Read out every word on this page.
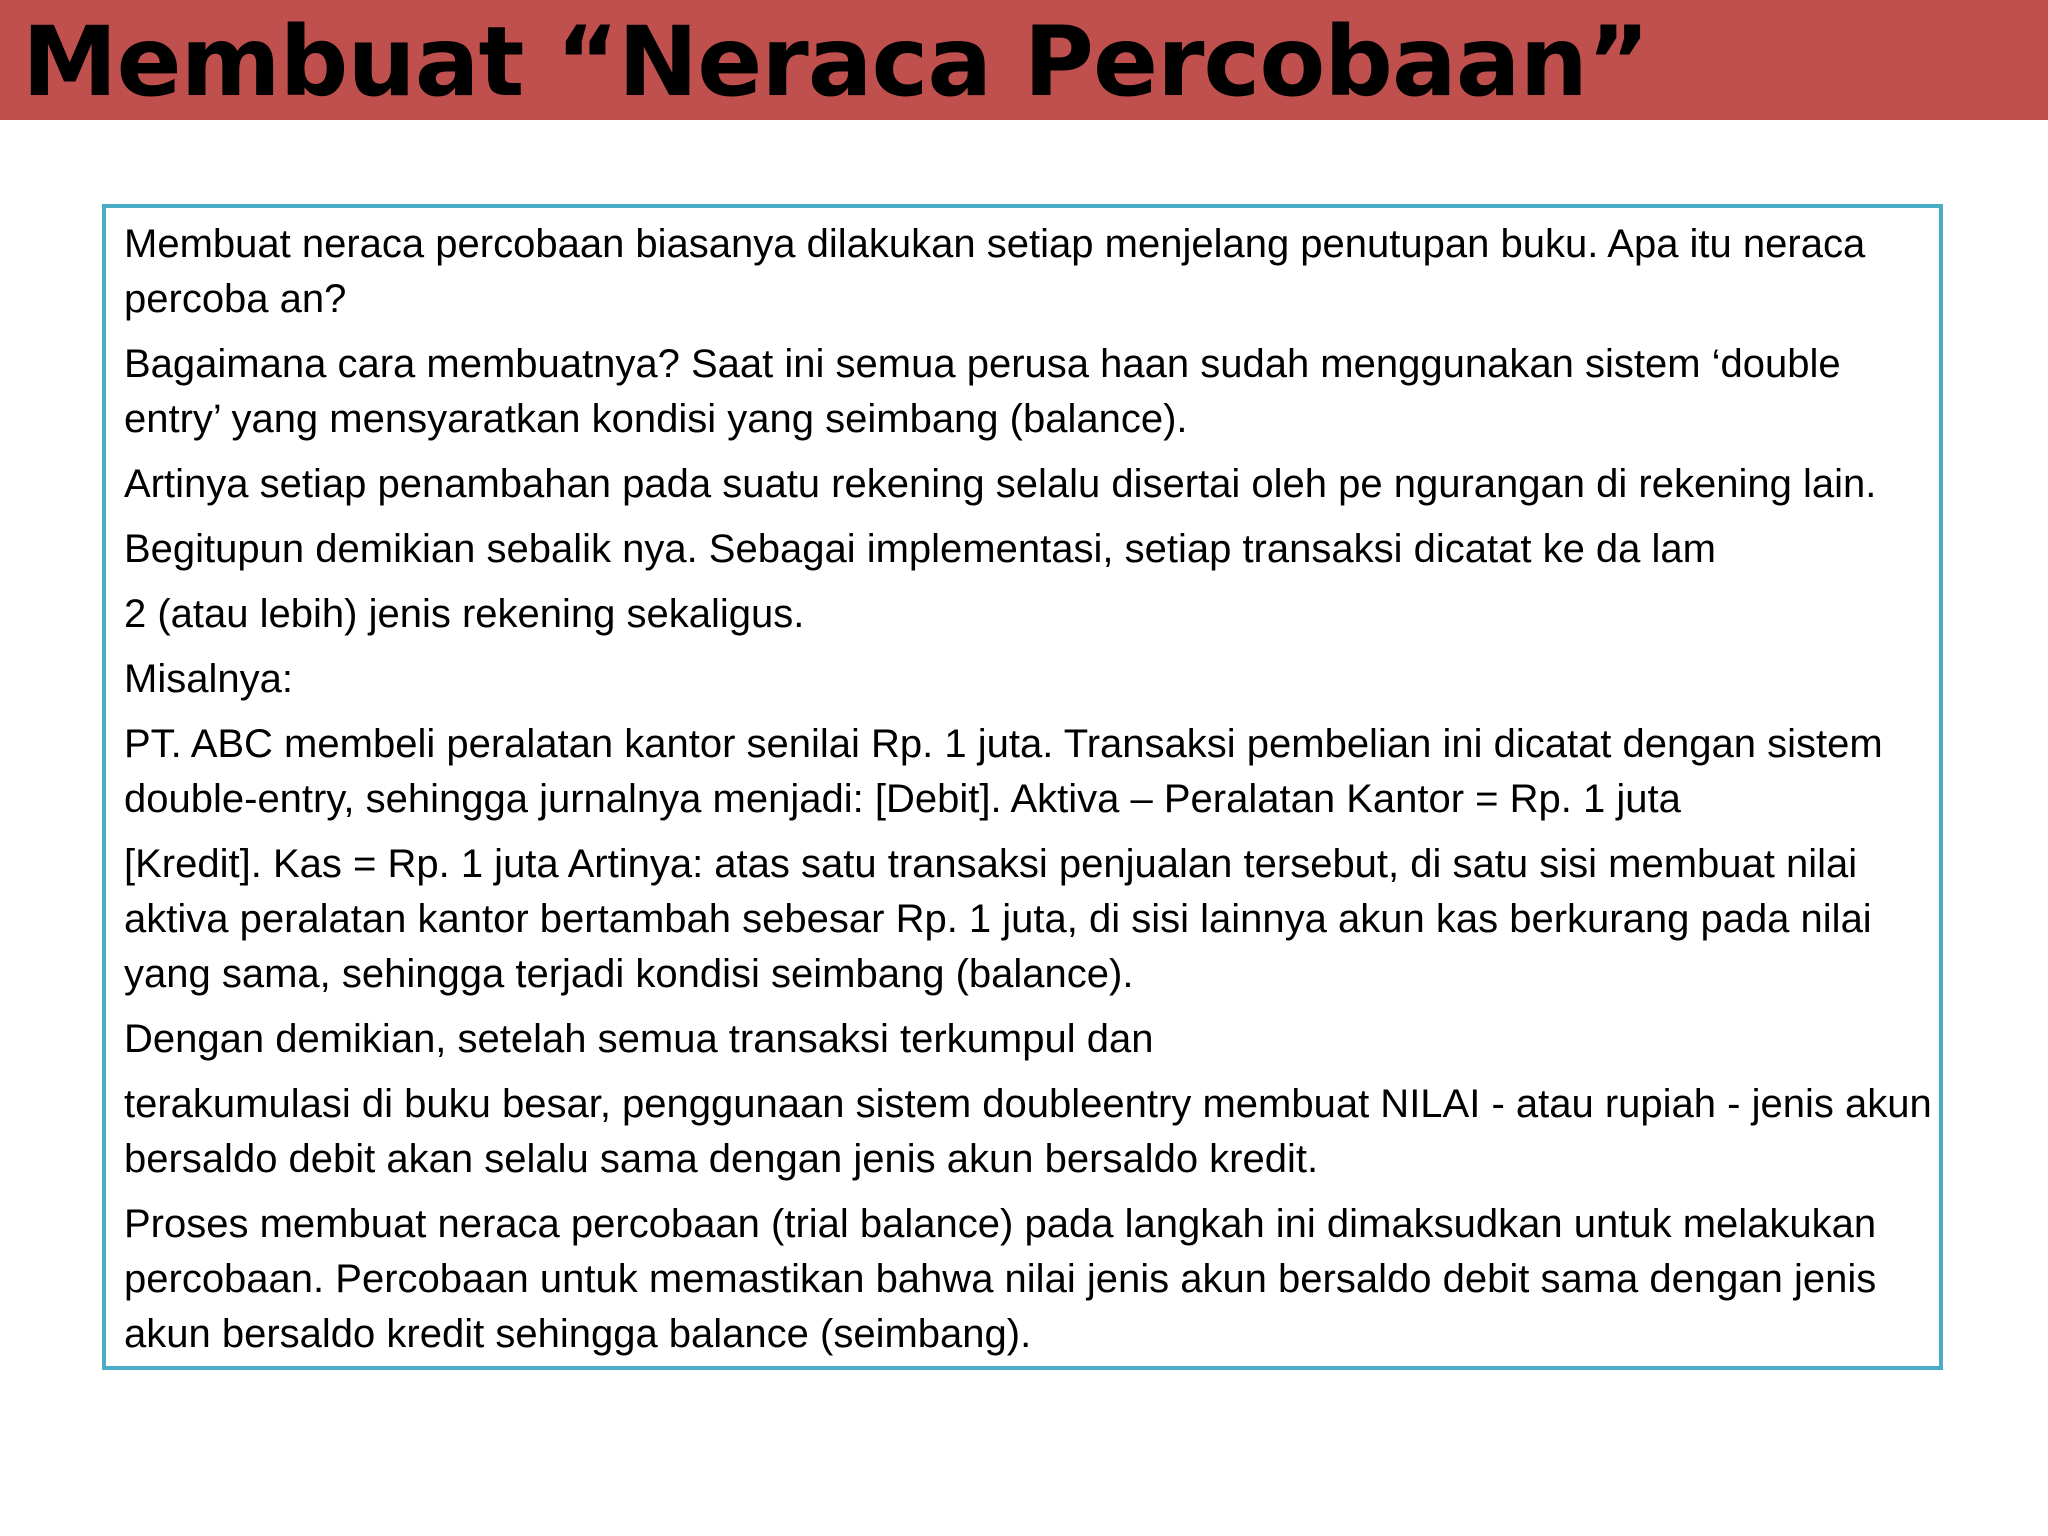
Membuat “Neraca Percobaan”

Membuat neraca percobaan biasanya dilakukan setiap menjelang penutupan buku. Apa itu neraca percoba an?

Bagaimana cara membuatnya? Saat ini semua perusa haan sudah menggunakan sistem ‘double entry’ yang mensyaratkan kondisi yang seimbang (balance).

Artinya setiap penambahan pada suatu rekening selalu disertai oleh pe ngurangan di rekening lain.

Begitupun demikian sebalik nya. Sebagai implementasi, setiap transaksi dicatat ke da lam

2 (atau lebih) jenis rekening sekaligus.

Misalnya:

PT. ABC membeli peralatan kantor senilai Rp. 1 juta. Transaksi pembelian ini dicatat dengan sistem double-entry, sehingga jurnalnya menjadi: [Debit]. Aktiva – Peralatan Kantor = Rp. 1 juta

[Kredit]. Kas = Rp. 1 juta Artinya: atas satu transaksi penjualan tersebut, di satu sisi membuat nilai aktiva peralatan kantor bertambah sebesar Rp. 1 juta, di sisi lainnya akun kas berkurang pada nilai yang sama, sehingga terjadi kondisi seimbang (balance).

Dengan demikian, setelah semua transaksi terkumpul dan

terakumulasi di buku besar, penggunaan sistem doubleentry membuat NILAI - atau rupiah - jenis akun bersaldo debit akan selalu sama dengan jenis akun bersaldo kredit.

Proses membuat neraca percobaan (trial balance) pada langkah ini dimaksudkan untuk melakukan percobaan. Percobaan untuk memastikan bahwa nilai jenis akun bersaldo debit sama dengan jenis akun bersaldo kredit sehingga balance (seimbang).
